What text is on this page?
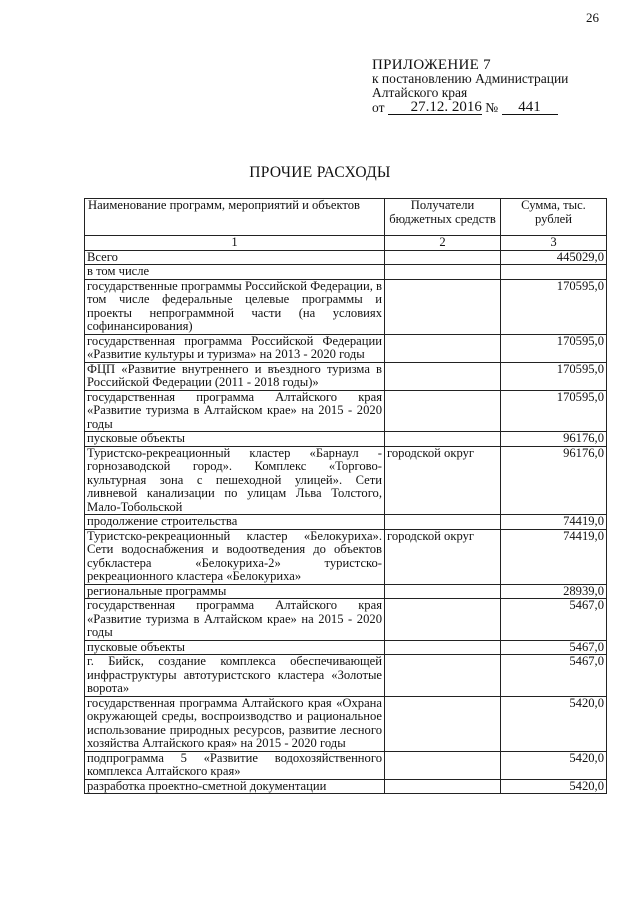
26
ПРИЛОЖЕНИЕ 7
к постановлению Администрации
Алтайского края
от
	27.12. 2016
№
	441
ПРОЧИЕ РАСХОДЫ
Наименование программ, мероприятий и объектов	Получатели бюджетных средств	Сумма, тыс. рублей
1	2	3
Всего		445029,0
в том числе		
государственные программы Российской Федерации, в том числе федеральные целевые программы и проекты непрограммной части (на условиях софинансирования)		170595,0
государственная программа Российской Федерации «Развитие культуры и туризма» на 2013 - 2020 годы		170595,0
ФЦП «Развитие внутреннего и въездного туризма в Российской Федерации (2011 - 2018 годы)»		170595,0
государственная программа Алтайского края «Развитие туризма в Алтайском крае» на 2015 - 2020 годы		170595,0
пусковые объекты		96176,0
Туристско-рекреационный кластер «Барнаул - горнозаводской город». Комплекс «Торгово-культурная зона с пешеходной улицей». Сети ливневой канализации по улицам Льва Толстого, Мало-Тобольской	городской округ	96176,0
продолжение строительства		74419,0
Туристско-рекреационный кластер «Белокуриха». Сети водоснабжения и водоотведения до объектов субкластера «Белокуриха-2» туристско-рекреационного кластера «Белокуриха»	городской округ	74419,0
региональные программы		28939,0
государственная программа Алтайского края «Развитие туризма в Алтайском крае» на 2015 - 2020 годы		5467,0
пусковые объекты		5467,0
г. Бийск, создание комплекса обеспечивающей инфраструктуры автотуристского кластера «Золотые ворота»		5467,0
государственная программа Алтайского края «Охрана окружающей среды, воспроизводство и рациональное использование природных ресурсов, развитие лесного хозяйства Алтайского края» на 2015 - 2020 годы		5420,0
подпрограмма 5 «Развитие водохозяйственного комплекса Алтайского края»		5420,0
разработка проектно-сметной документации		5420,0
